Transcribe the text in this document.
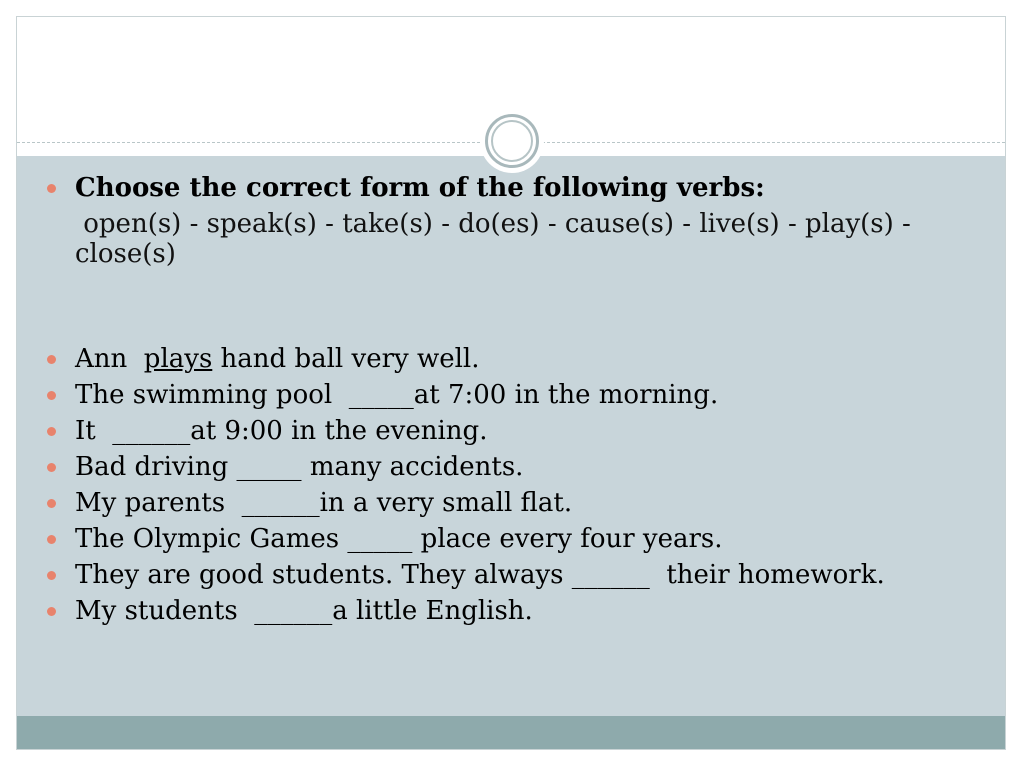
Choose the correct form of the following verbs:
open(s) - speak(s) - take(s) - do(es) - cause(s) - live(s) - play(s) -
close(s)
Ann  plays hand ball very well.
The swimming pool  _____at 7:00 in the morning.
It  ______at 9:00 in the evening.
Bad driving _____ many accidents.
My parents  ______in a very small flat.
The Olympic Games _____ place every four years.
They are good students. They always ______  their homework.
My students  ______a little English.
